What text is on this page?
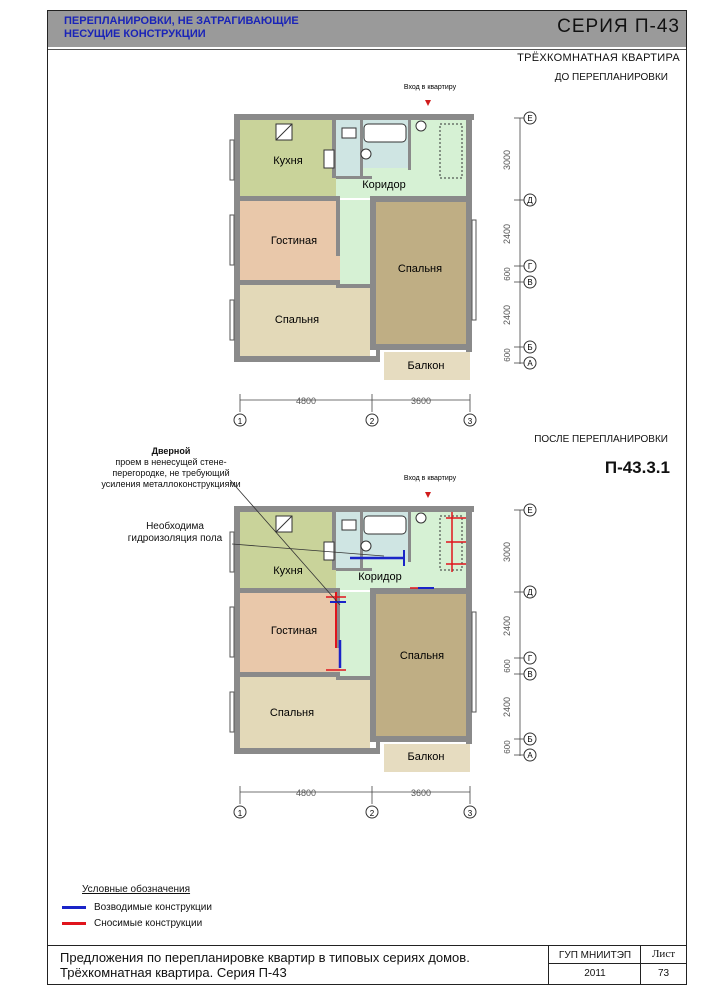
ПЕРЕПЛАНИРОВКИ, НЕ ЗАТРАГИВАЮЩИЕ
НЕСУЩИЕ КОНСТРУКЦИИ	СЕРИЯ П-43
ТРЁХКОМНАТНАЯ КВАРТИРА
ДО ПЕРЕПЛАНИРОВКИ
ПОСЛЕ ПЕРЕПЛАНИРОВКИ
П-43.3.1
Дверной
проем в ненесущей стене-
перегородке, не требующий
усиления металлоконструкциями
Необходима
гидроизоляция пола
Кухня
Коридор
Гостиная
Спальня
Спальня
Балкон
Кухня	Коридор
Гостиная
Спальня
Спальня
Балкон
Вход в квартиру
Вход в квартиру
4800	3600
4800	3600
3000
2400
600
2400
600
3000
2400
600
2400
600
1	2	3
1	2	3
Е
Д
Г
В
Б
А
Е
Д
Г
В
Б
А
Условные обозначения
Возводимые конструкции
Сносимые конструкции
Предложения по перепланировке квартир в типовых сериях домов.
Трёхкомнатная квартира. Серия П-43
ГУП МНИИТЭП
2011
Лист
73
